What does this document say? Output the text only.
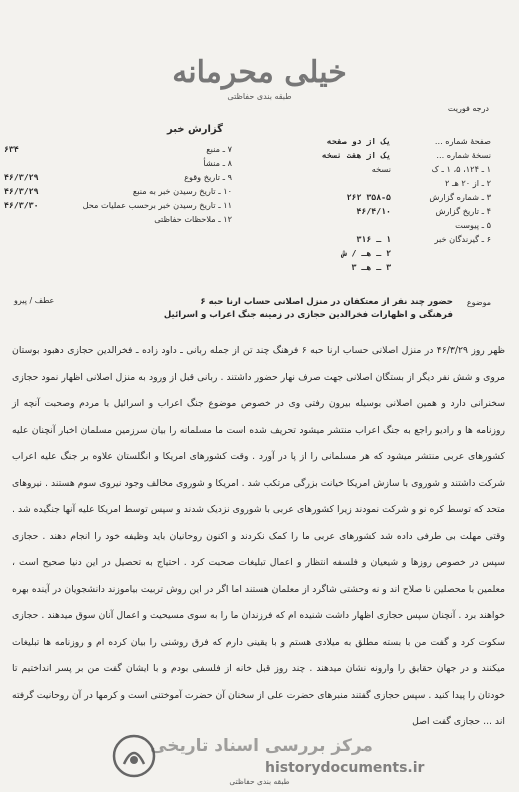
خیلی محرمانه
طبقه بندی حفاظتی
درجه فوریت
گزارش خبر
صفحهٔ شماره ...
یک از دو صفحه
نسخهٔ شماره ...
یک از هفت نسخه
۱ ـ ۱۲۴، ۵، ۱ ـ ک
نسخه
۲ ـ از ۲۰ هـ ۲
۳ ـ شماره گزارش
۳۵۸-۵ ۲۶۲
۴ ـ تاریخ گزارش
۴۶/۴/۱۰
۵ ـ پیوست
۶ ـ گیرندگان خبر
۱ ـ ۳۱۶
۲ ـ هـ / ش
۳ ـ هـ ۳
۷ ـ منبع
۶۳۴
۸ ـ منشأ
۹ ـ تاریخ وقوع
۴۶/۳/۲۹
۱۰ ـ تاریخ رسیدن خبر به منبع
۴۶/۳/۲۹
۱۱ ـ تاریخ رسیدن خبر برحسب عملیات محل
۴۶/۳/۳۰
۱۲ ـ ملاحظات حفاظتی
موضوع
حضور چند نفر از معتکفان در منزل اصلانی حساب ارنا حبه ۶
فرهنگی و اظهارات فخرالدین حجازی در زمینه جنگ اعراب و اسرائیل
عطف / پیرو

ظهر روز ۴۶/۳/۲۹ در منزل اصلانی حساب ارنا حبه ۶ فرهنگ چند تن از جمله ربانی ـ داود زاده ـ فخرالدین حجازی دهبود بوستان مروی و شش نفر دیگر از بستگان اصلانی جهت صرف نهار حضور داشتند . ربانی قبل از ورود به منزل اصلانی اظهار نمود حجازی سخنرانی دارد و همین اصلانی بوسیله بیرون رفتی وی در خصوص موضوع جنگ اعراب و اسرائیل با مردم وصحبت آنچه از روزنامه ها و رادیو راجع به جنگ اعراب منتشر میشود تحریف شده است ما مسلمانه را بیان سرزمین مسلمان اخبار آنچنان علیه کشورهای عربی منتشر میشود که هر مسلمانی را از پا در آورد . وقت کشورهای امریکا و انگلستان علاوه بر جنگ علیه اعراب شرکت داشتند و شوروی با سازش امریکا خیانت بزرگی مرتکب شد . امریکا و شوروی مخالف وجود نیروی سوم هستند . نیروهای متحد که توسط کره نو و شرکت نمودند زیرا کشورهای عربی با شوروی نزدیک شدند و سپس توسط امریکا علیه آنها جنگیده شد . وقتی مهلت بی طرفی داده شد کشورهای عربی ما را کمک نکردند و اکنون روحانیان باید وظیفه خود را انجام دهند . حجازی سپس در خصوص روزها و شیعیان و فلسفه انتظار و اعمال تبلیغات صحبت کرد . احتیاج به تحصیل در این دنیا صحیح است ، معلمین با محصلین نا صلاح اند و نه وحشتی شاگرد از معلمان هستند اما اگر در این روش تربیت بیاموزند دانشجویان در آینده بهره خواهند برد . آنچنان سپس حجازی اظهار داشت شنیده ام که فرزندان ما را به سوی مسیحیت و اعمال آنان سوق میدهند . حجازی سکوت کرد و گفت من با بسته مطلق به میلادی هستم و با یقینی دارم که فرق روشنی را بیان کرده ام و روزنامه ها تبلیغات میکنند و در جهان حقایق را وارونه نشان میدهند . چند روز قبل خانه از فلسفی بودم و با ایشان گفت من بر پسر انداختیم تا خودتان را پیدا کنید . سپس حجازی گفتند منبرهای حضرت علی از سخنان آن حضرت آموختنی است و کرمها در آن روحانیت گرفته اند ... حجازی گفت اصل

مرکز بررسی اسناد تاریخی
historydocuments.ir
طبقه بندی حفاظتی
